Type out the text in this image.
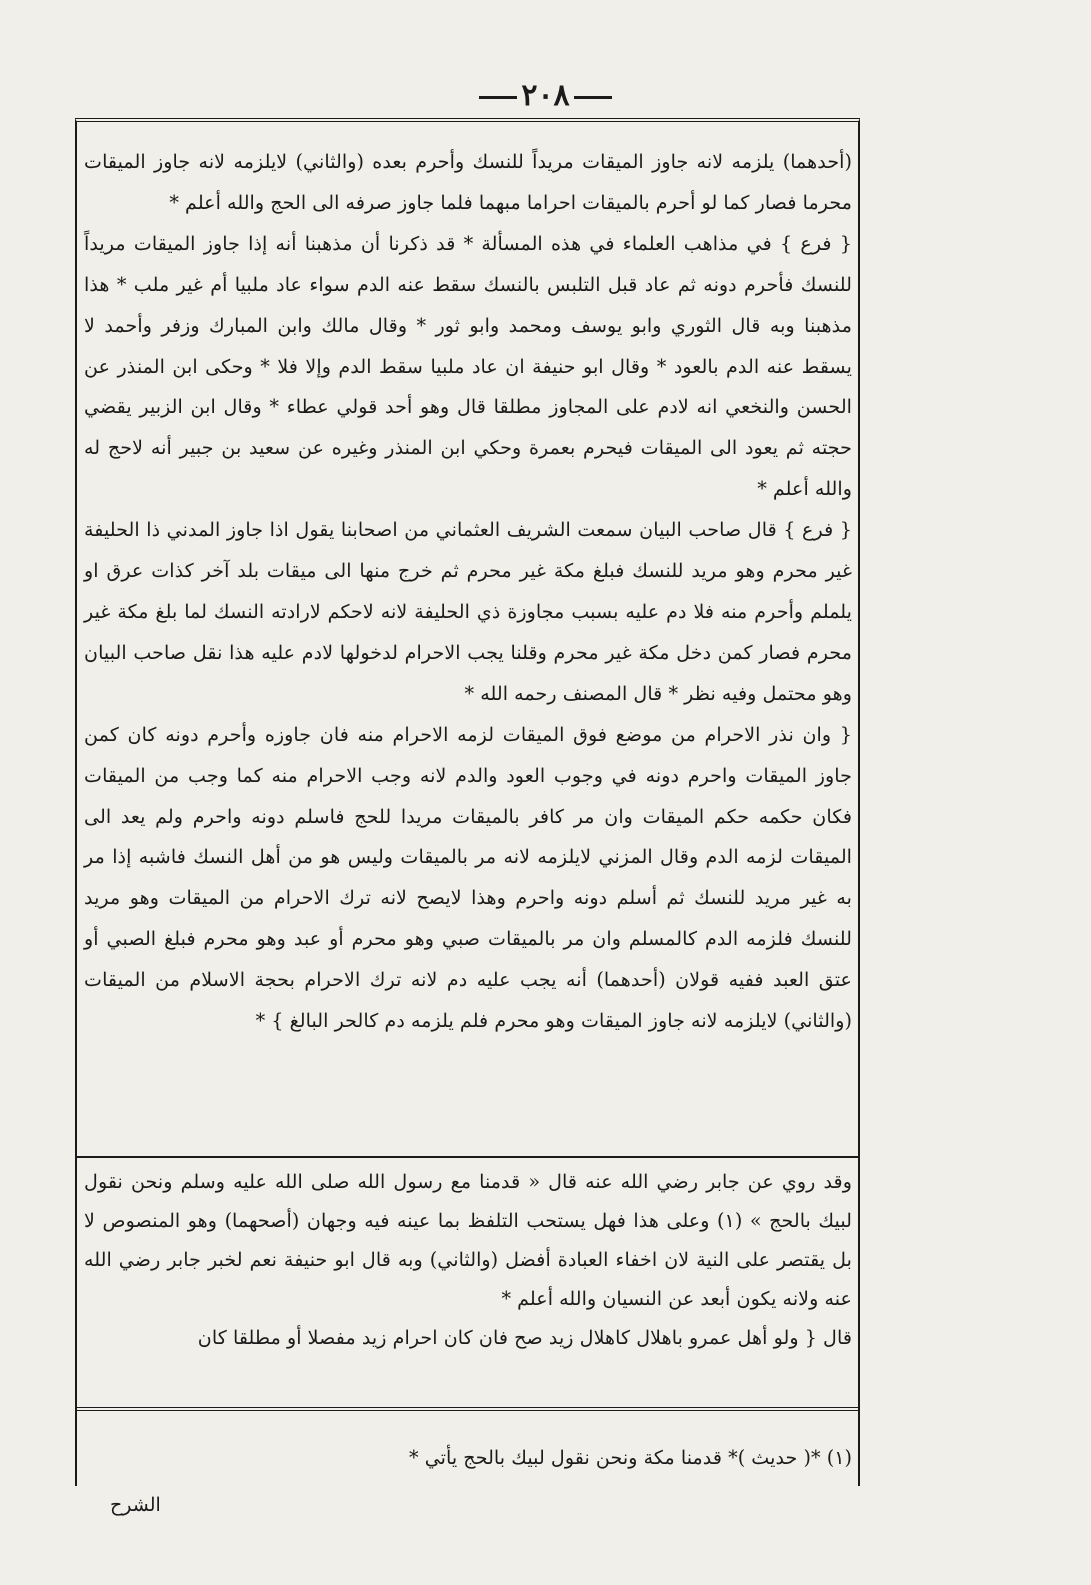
٢٠٨

(أحدهما) يلزمه لانه جاوز الميقات مريداً للنسك وأحرم بعده (والثاني) لايلزمه لانه جاوز الميقات محرما فصار كما لو أحرم بالميقات احراما مبهما فلما جاوز صرفه الى الحج والله أعلم *

{ فرع } في مذاهب العلماء في هذه المسألة * قد ذكرنا أن مذهبنا أنه إذا جاوز الميقات مريداً للنسك فأحرم دونه ثم عاد قبل التلبس بالنسك سقط عنه الدم سواء عاد ملبيا أم غير ملب * هذا مذهبنا وبه قال الثوري وابو يوسف ومحمد وابو ثور * وقال مالك وابن المبارك وزفر وأحمد لا يسقط عنه الدم بالعود * وقال ابو حنيفة ان عاد ملبيا سقط الدم وإلا فلا * وحكى ابن المنذر عن الحسن والنخعي انه لادم على المجاوز مطلقا قال وهو أحد قولي عطاء * وقال ابن الزبير يقضي حجته ثم يعود الى الميقات فيحرم بعمرة وحكي ابن المنذر وغيره عن سعيد بن جبير أنه لاحج له والله أعلم *

{ فرع } قال صاحب البيان سمعت الشريف العثماني من اصحابنا يقول اذا جاوز المدني ذا الحليفة غير محرم وهو مريد للنسك فبلغ مكة غير محرم ثم خرج منها الى ميقات بلد آخر كذات عرق او يلملم وأحرم منه فلا دم عليه بسبب مجاوزة ذي الحليفة لانه لاحكم لارادته النسك لما بلغ مكة غير محرم فصار كمن دخل مكة غير محرم وقلنا يجب الاحرام لدخولها لادم عليه هذا نقل صاحب البيان وهو محتمل وفيه نظر * قال المصنف رحمه الله *

{ وان نذر الاحرام من موضع فوق الميقات لزمه الاحرام منه فان جاوزه وأحرم دونه كان كمن جاوز الميقات واحرم دونه في وجوب العود والدم لانه وجب الاحرام منه كما وجب من الميقات فكان حكمه حكم الميقات وان مر كافر بالميقات مريدا للحج فاسلم دونه واحرم ولم يعد الى الميقات لزمه الدم وقال المزني لايلزمه لانه مر بالميقات وليس هو من أهل النسك فاشبه إذا مر به غير مريد للنسك ثم أسلم دونه واحرم وهذا لايصح لانه ترك الاحرام من الميقات وهو مريد للنسك فلزمه الدم كالمسلم وان مر بالميقات صبي وهو محرم أو عبد وهو محرم فبلغ الصبي أو عتق العبد ففيه قولان (أحدهما) أنه يجب عليه دم لانه ترك الاحرام بحجة الاسلام من الميقات (والثاني) لايلزمه لانه جاوز الميقات وهو محرم فلم يلزمه دم كالحر البالغ } *

وقد روي عن جابر رضي الله عنه قال « قدمنا مع رسول الله صلى الله عليه وسلم ونحن نقول لبيك بالحج » (١) وعلى هذا فهل يستحب التلفظ بما عينه فيه وجهان (أصحهما) وهو المنصوص لا بل يقتصر على النية لان اخفاء العبادة أفضل (والثاني) وبه قال ابو حنيفة نعم لخبر جابر رضي الله عنه ولانه يكون أبعد عن النسيان والله أعلم *

قال { ولو أهل عمرو باهلال كاهلال زيد صح فان كان احرام زيد مفصلا أو مطلقا كان

(١) *( حديث )* قدمنا مكة ونحن نقول لبيك بالحج يأتي *

الشرح
